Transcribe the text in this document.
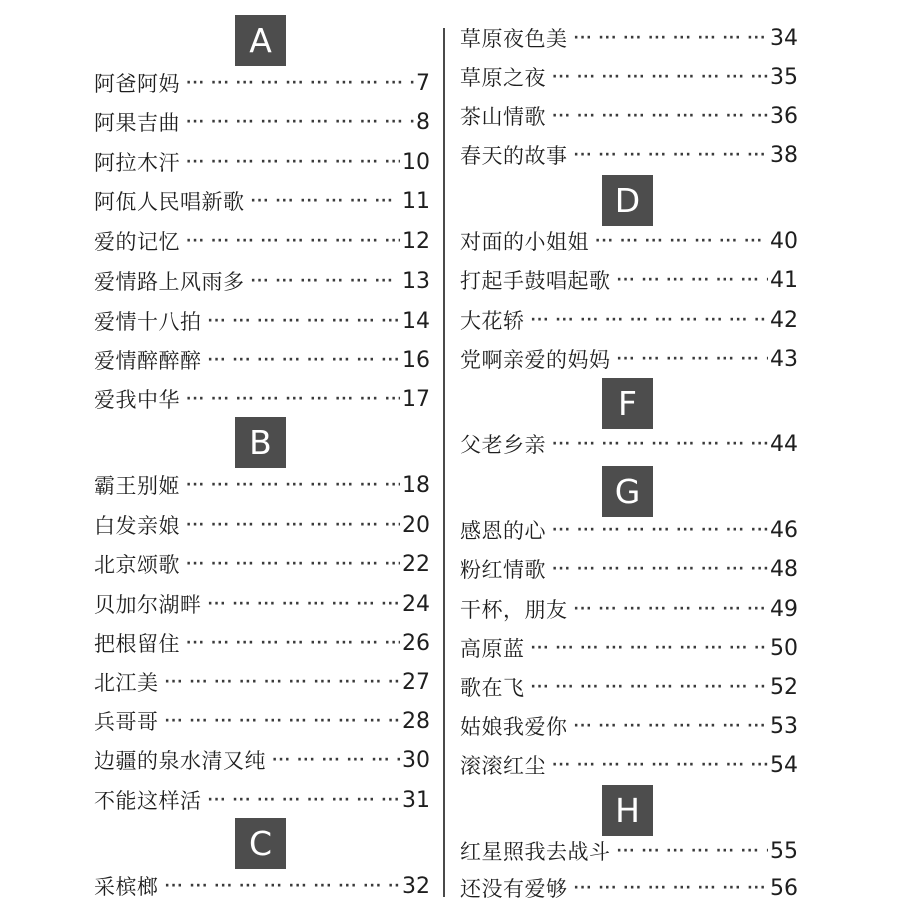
A
阿爸阿妈 ··· ·	7
阿果吉曲 ··· ·	8
阿拉木汗 ··· ·	10
阿佤人民唱新歌 ··· ·	11
爱的记忆 ··· ·	12
爱情路上风雨多 ··· ·	13
爱情十八拍 ··· ·	14
爱情醉醉醉 ··· ·	16
爱我中华 ··· ·	17
B
霸王别姬 ··· ·	18
白发亲娘 ··· ·	20
北京颂歌 ··· ·	22
贝加尔湖畔 ··· ·	24
把根留住 ··· ·	26
北江美 ··· ·	27
兵哥哥 ··· ·	28
边疆的泉水清又纯 ··· ·	30
不能这样活 ··· ·	31
C
采槟榔 ··· ·	32
草原夜色美 ··· ·	34
草原之夜 ··· ·	35
茶山情歌 ··· ·	36
春天的故事 ··· ·	38
D
对面的小姐姐 ··· ·	40
打起手鼓唱起歌 ··· ·	41
大花轿 ··· ·	42
党啊亲爱的妈妈 ··· ·	43
F
父老乡亲 ··· ·	44
G
感恩的心 ··· ·	46
粉红情歌 ··· ·	48
干杯，朋友 ··· ·	49
高原蓝 ··· ·	50
歌在飞 ··· ·	52
姑娘我爱你 ··· ·	53
滚滚红尘 ··· ·	54
H
红星照我去战斗 ··· ·	55
还没有爱够 ··· ·	56
